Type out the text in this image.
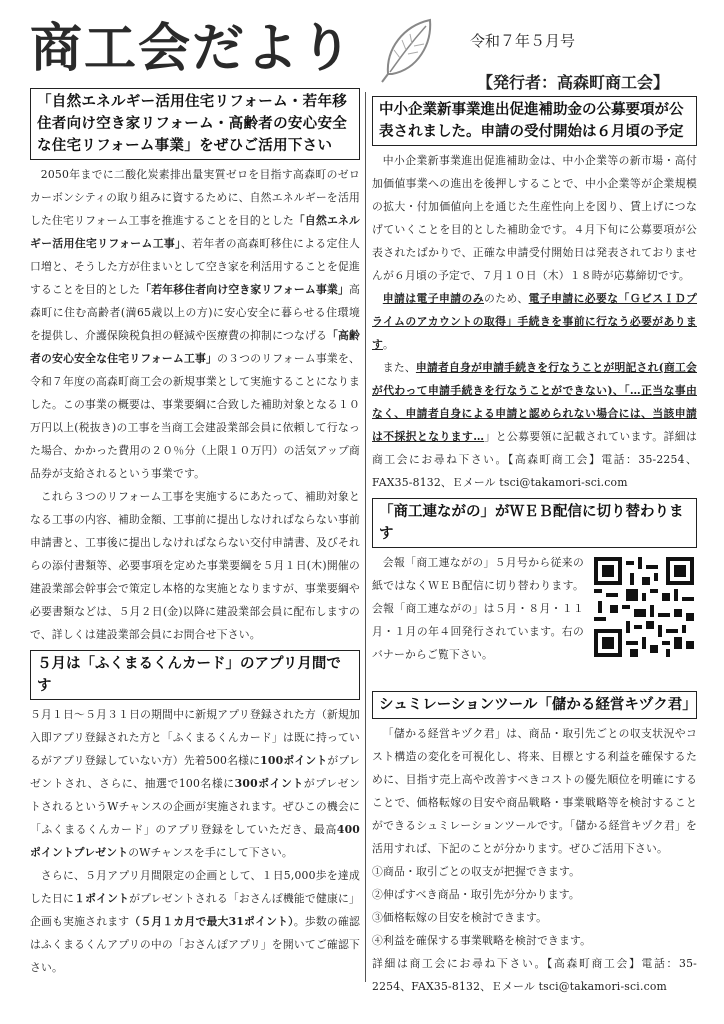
商工会だより	令和７年５月号
【発行者：高森町商工会】
「自然エネルギー活用住宅リフォーム・若年移住者向け空き家リフォーム・高齢者の安心安全な住宅リフォーム事業」をぜひご活用下さい

2050年までに二酸化炭素排出量実質ゼロを目指す高森町のゼロカーボンシティの取り組みに資するために、自然エネルギーを活用した住宅リフォーム工事を推進することを目的とした「自然エネルギー活用住宅リフォーム工事」、若年者の高森町移住による定住人口増と、そうした方が住まいとして空き家を利活用することを促進することを目的とした「若年移住者向け空き家リフォーム事業」高森町に住む高齢者(満65歳以上の方)に安心安全に暮らせる住環境を提供し、介護保険税負担の軽減や医療費の抑制につなげる「高齢者の安心安全な住宅リフォーム工事」の３つのリフォーム事業を、令和７年度の高森町商工会の新規事業として実施することになりました。この事業の概要は、事業要綱に合致した補助対象となる１０万円以上(税抜き)の工事を当商工会建設業部会員に依頼して行なった場合、かかった費用の２０％分（上限１０万円）の活気アップ商品券が支給されるという事業です。

これら３つのリフォーム工事を実施するにあたって、補助対象となる工事の内容、補助金額、工事前に提出しなければならない事前申請書と、工事後に提出しなければならない交付申請書、及びそれらの添付書類等、必要事項を定めた事業要綱を５月１日(木)開催の建設業部会幹事会で策定し本格的な実施となりますが、事業要綱や必要書類などは、５月２日(金)以降に建設業部会員に配布しますので、詳しくは建設業部会員にお問合せ下さい。

５月は「ふくまるくんカード」のアプリ月間です

５月１日～５月３１日の期間中に新規アプリ登録された方（新規加入即アプリ登録された方と「ふくまるくんカード」は既に持っているがアプリ登録していない方）先着500名様に100ポイントがプレゼントされ、さらに、抽選で100名様に300ポイントがプレゼントされるというWチャンスの企画が実施されます。ぜひこの機会に「ふくまるくんカード」のアプリ登録をしていただき、最高400ポイントプレゼントのWチャンスを手にして下さい。

さらに、５月アプリ月間限定の企画として、１日5,000歩を達成した日に１ポイントがプレゼントされる「おさんぽ機能で健康に」企画も実施されます（５月１カ月で最大31ポイント）。歩数の確認はふくまるくんアプリの中の「おさんぽアプリ」を開いてご確認下さい。

中小企業新事業進出促進補助金の公募要項が公表されました。申請の受付開始は６月頃の予定

中小企業新事業進出促進補助金は、中小企業等の新市場・高付加価値事業への進出を後押しすることで、中小企業等が企業規模の拡大・付加価値向上を通じた生産性向上を図り、賃上げにつなげていくことを目的とした補助金です。４月下旬に公募要項が公表されたばかりで、正確な申請受付開始日は発表されておりませんが６月頃の予定で、７月１０日（木）１８時が応募締切です。

申請は電子申請のみのため、電子申請に必要な「ＧビスＩＤプライムのアカウントの取得」手続きを事前に行なう必要があります。

また、申請者自身が申請手続きを行なうことが明記され(商工会が代わって申請手続きを行なうことができない)、「…正当な事由なく、申請者自身による申請と認められない場合には、当該申請は不採択となります…」と公募要領に記載されています。詳細は商工会にお尋ね下さい。【高森町商工会】電話：35-2254、FAX35-8132、Ｅメール tsci@takamori-sci.com

「商工連ながの」がＷＥＢ配信に切り替わります

会報「商工連ながの」５月号から従来の紙ではなくＷＥＢ配信に切り替わります。会報「商工連ながの」は５月・８月・１１月・１月の年４回発行されています。右のバナーからご覧下さい。

シュミレーションツール「儲かる経営キヅク君」

「儲かる経営キヅク君」は、商品・取引先ごとの収支状況やコスト構造の変化を可視化し、将来、目標とする利益を確保するために、目指す売上高や改善すべきコストの優先順位を明確にすることで、価格転嫁の目安や商品戦略・事業戦略等を検討することができるシュミレーションツールです。「儲かる経営キヅク君」を活用すれば、下記のことが分かります。ぜひご活用下さい。

①商品・取引ごとの収支が把握できます。

②伸ばすべき商品・取引先が分かります。

③価格転嫁の目安を検討できます。

④利益を確保する事業戦略を検討できます。

詳細は商工会にお尋ね下さい。【高森町商工会】電話：35-2254、FAX35-8132、Ｅメール tsci@takamori-sci.com
